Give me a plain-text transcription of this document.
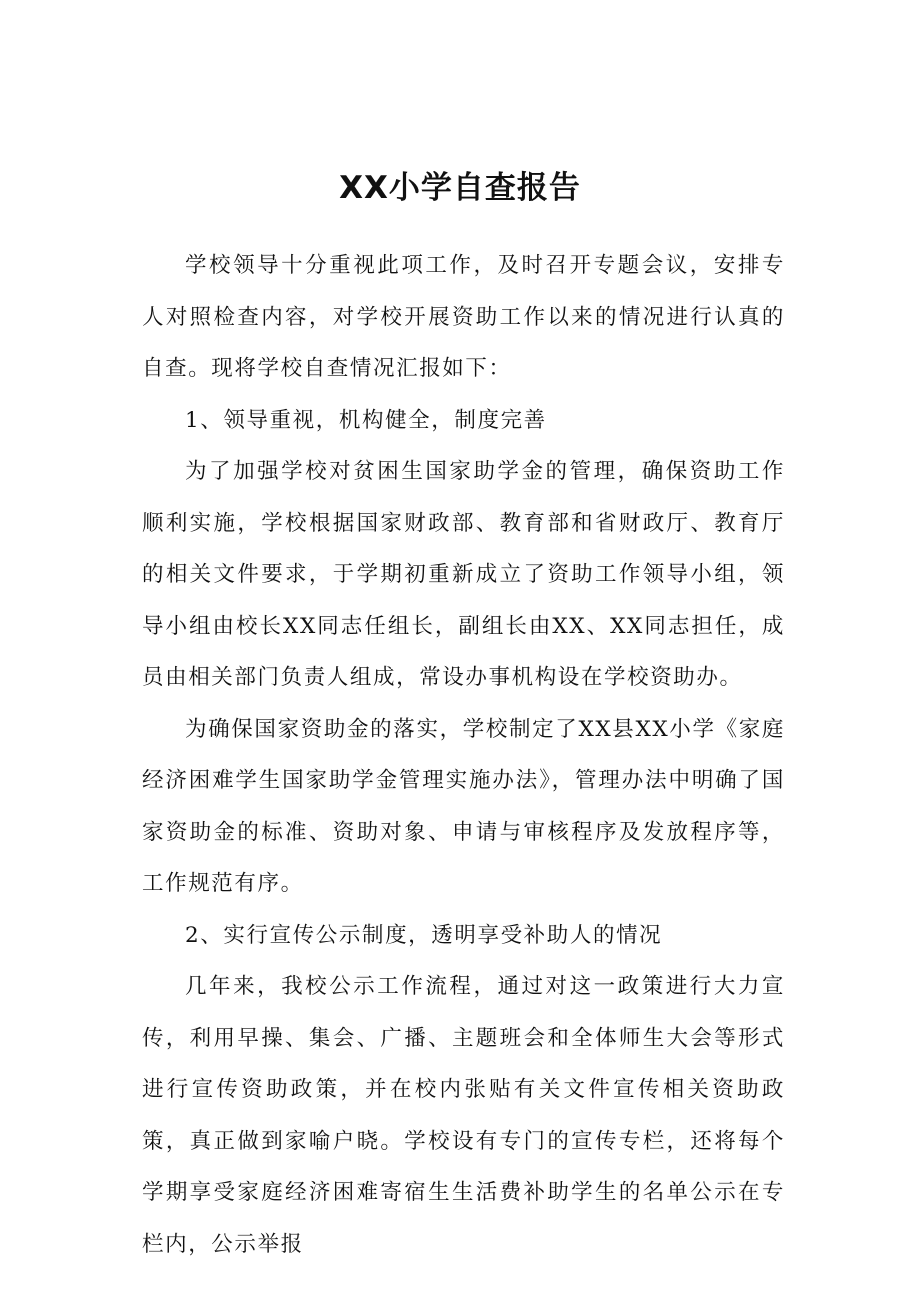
XX小学自查报告

学校领导十分重视此项工作，及时召开专题会议，安排专人对照检查内容，对学校开展资助工作以来的情况进行认真的自查。现将学校自查情况汇报如下：

1、领导重视，机构健全，制度完善

为了加强学校对贫困生国家助学金的管理，确保资助工作顺利实施，学校根据国家财政部、教育部和省财政厅、教育厅的相关文件要求，于学期初重新成立了资助工作领导小组，领导小组由校长XX同志任组长，副组长由XX、XX同志担任，成员由相关部门负责人组成，常设办事机构设在学校资助办。

为确保国家资助金的落实，学校制定了XX县XX小学《家庭经济困难学生国家助学金管理实施办法》，管理办法中明确了国家资助金的标准、资助对象、申请与审核程序及发放程序等，工作规范有序。

2、实行宣传公示制度，透明享受补助人的情况

几年来，我校公示工作流程，通过对这一政策进行大力宣传，利用早操、集会、广播、主题班会和全体师生大会等形式进行宣传资助政策，并在校内张贴有关文件宣传相关资助政策，真正做到家喻户晓。学校设有专门的宣传专栏，还将每个学期享受家庭经济困难寄宿生生活费补助学生的名单公示在专栏内，公示举报
